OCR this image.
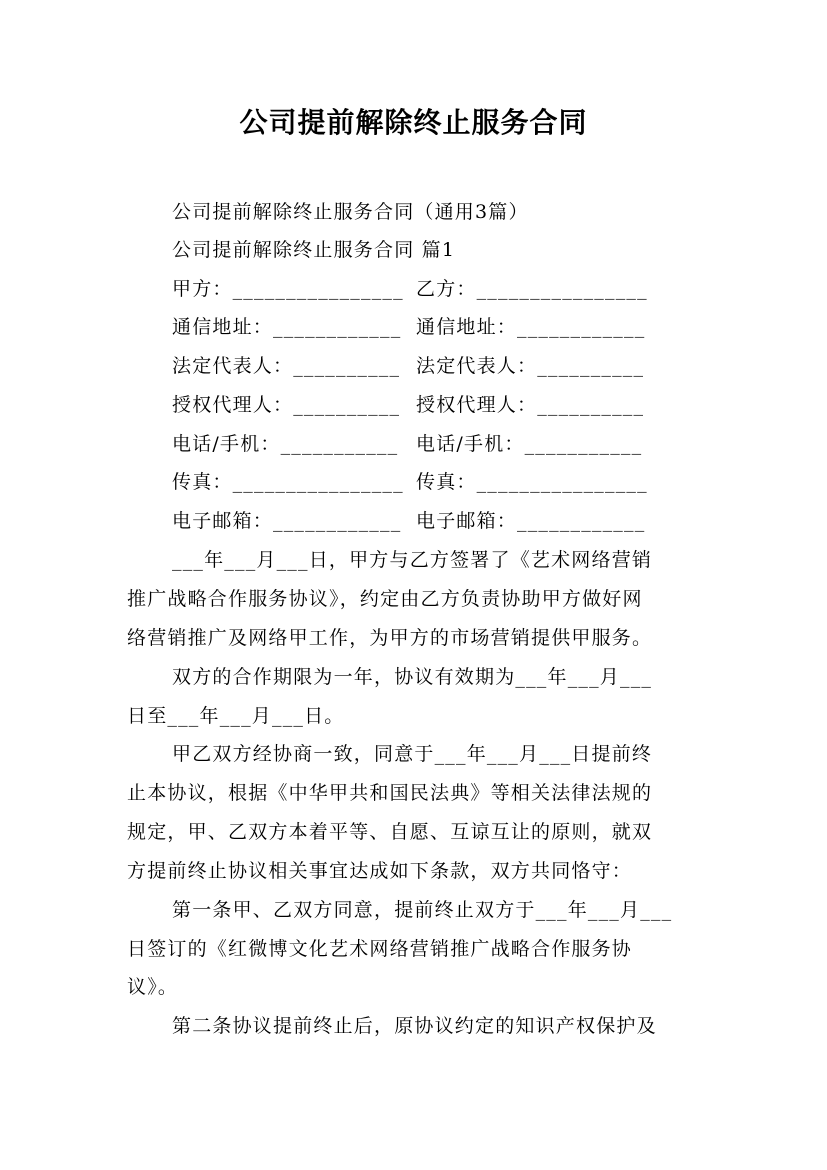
公司提前解除终止服务合同
公司提前解除终止服务合同（通用3篇）
公司提前解除终止服务合同 篇1
甲方：________________ 乙方：________________
通信地址：____________ 通信地址：____________
法定代表人：__________ 法定代表人：__________
授权代理人：__________ 授权代理人：__________
电话/手机：___________ 电话/手机：___________
传真：________________ 传真：________________
电子邮箱：____________ 电子邮箱：____________
___年___月___日，甲方与乙方签署了《艺术网络营销
推广战略合作服务协议》，约定由乙方负责协助甲方做好网
络营销推广及网络甲工作，为甲方的市场营销提供甲服务。
双方的合作期限为一年，协议有效期为___年___月___
日至___年___月___日。
甲乙双方经协商一致，同意于___年___月___日提前终
止本协议，根据《中华甲共和国民法典》等相关法律法规的
规定，甲、乙双方本着平等、自愿、互谅互让的原则，就双
方提前终止协议相关事宜达成如下条款，双方共同恪守：
第一条甲、乙双方同意，提前终止双方于___年___月___
日签订的《红微博文化艺术网络营销推广战略合作服务协
议》。
第二条协议提前终止后，原协议约定的知识产权保护及
